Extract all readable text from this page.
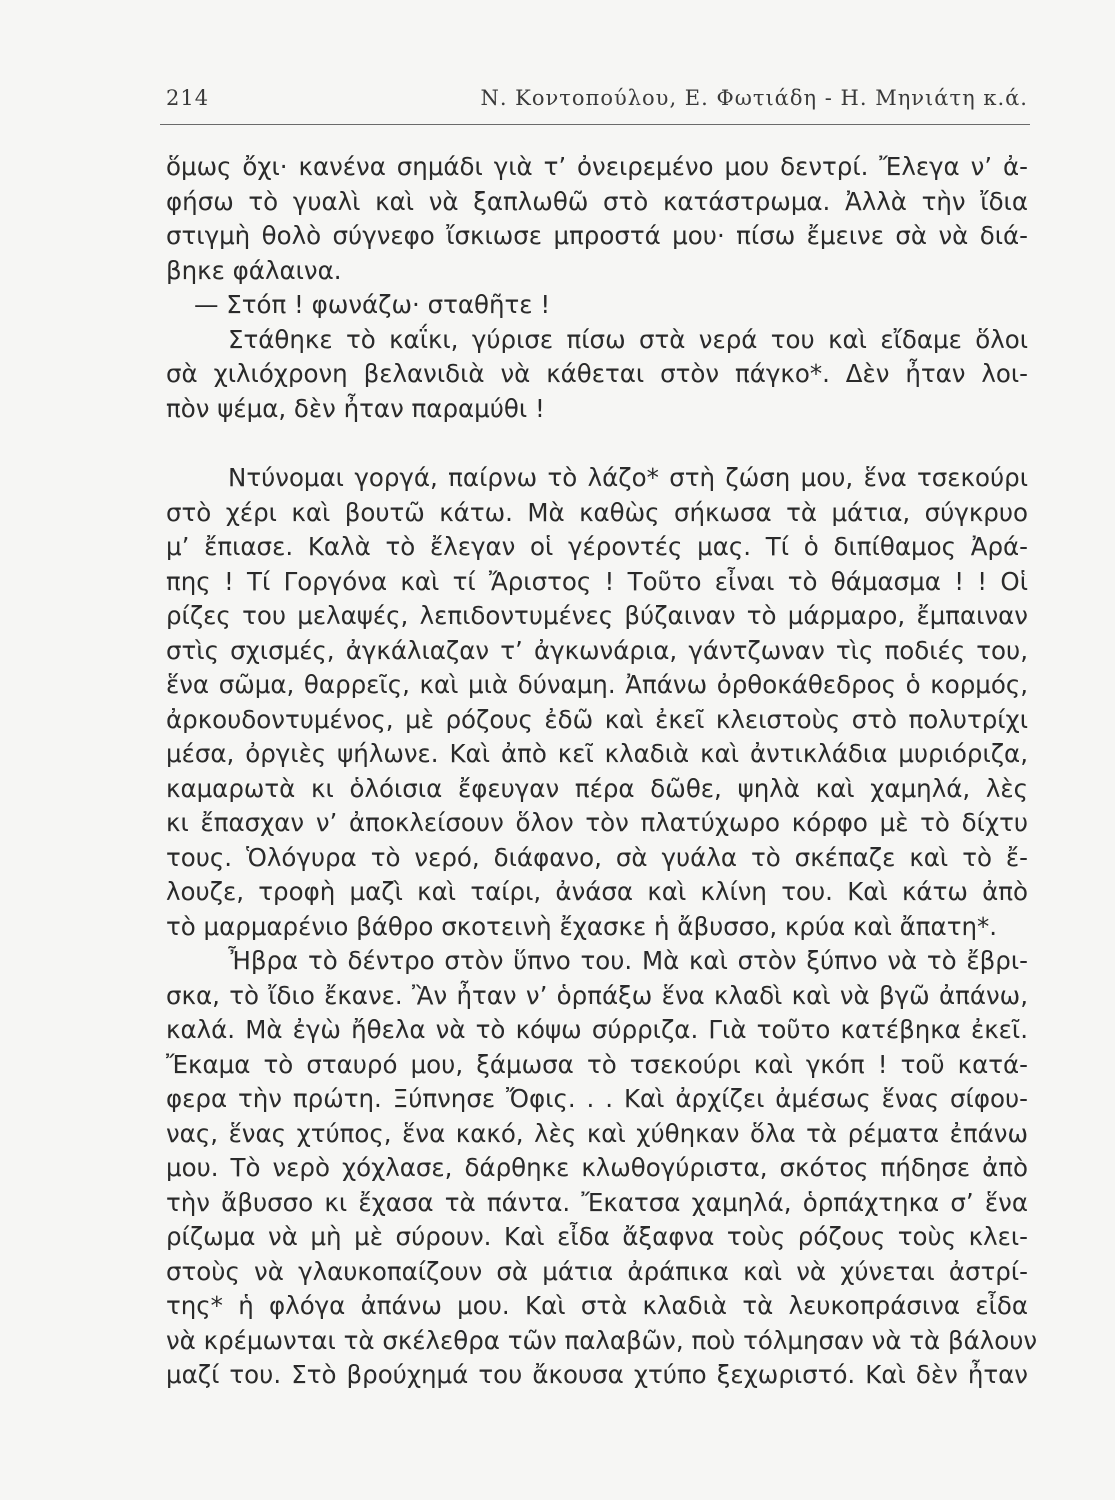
214	Ν. Κοντοπούλου, Ε. Φωτιάδη - Η. Μηνιάτη κ.ά.
ὅμως ὄχι· κανένα σημάδι γιὰ τ’ ὀνειρεμένο μου δεντρί. Ἔλεγα ν’ ἀ-
φήσω τὸ γυαλὶ καὶ νὰ ξαπλωθῶ στὸ κατάστρωμα. Ἀλλὰ τὴν ἴδια
στιγμὴ θολὸ σύγνεφο ἴσκιωσε μπροστά μου· πίσω ἔμεινε σὰ νὰ διά-
βηκε φάλαινα.
— Στόπ ! φωνάζω· σταθῆτε !
Στάθηκε τὸ καΐκι, γύρισε πίσω στὰ νερά του καὶ εἴδαμε ὅλοι
σὰ χιλιόχρονη βελανιδιὰ νὰ κάθεται στὸν πάγκο*. Δὲν ἦταν λοι-
πὸν ψέμα, δὲν ἦταν παραμύθι !
Ντύνομαι γοργά, παίρνω τὸ λάζο* στὴ ζώση μου, ἕνα τσεκούρι
στὸ χέρι καὶ βουτῶ κάτω. Μὰ καθὼς σήκωσα τὰ μάτια, σύγκρυο
μ’ ἔπιασε. Καλὰ τὸ ἔλεγαν οἱ γέροντές μας. Τί ὁ διπίθαμος Ἀρά-
πης ! Τί Γοργόνα καὶ τί Ἄριστος ! Τοῦτο εἶναι τὸ θάμασμα ! ! Οἱ
ρίζες του μελαψές, λεπιδοντυμένες βύζαιναν τὸ μάρμαρο, ἔμπαιναν
στὶς σχισμές, ἀγκάλιαζαν τ’ ἀγκωνάρια, γάντζωναν τὶς ποδιές του,
ἕνα σῶμα, θαρρεῖς, καὶ μιὰ δύναμη. Ἀπάνω ὀρθοκάθεδρος ὁ κορμός,
ἀρκουδοντυμένος, μὲ ρόζους ἐδῶ καὶ ἐκεῖ κλειστοὺς στὸ πολυτρίχι
μέσα, ὀργιὲς ψήλωνε. Καὶ ἀπὸ κεῖ κλαδιὰ καὶ ἀντικλάδια μυριόριζα,
καμαρωτὰ κι ὁλόισια ἔφευγαν πέρα δῶθε, ψηλὰ καὶ χαμηλά, λὲς
κι ἔπασχαν ν’ ἀποκλείσουν ὅλον τὸν πλατύχωρο κόρφο μὲ τὸ δίχτυ
τους. Ὁλόγυρα τὸ νερό, διάφανο, σὰ γυάλα τὸ σκέπαζε καὶ τὸ ἔ-
λουζε, τροφὴ μαζὶ καὶ ταίρι, ἀνάσα καὶ κλίνη του. Καὶ κάτω ἀπὸ
τὸ μαρμαρένιο βάθρο σκοτεινὴ ἔχασκε ἡ ἄβυσσο, κρύα καὶ ἄπατη*.
Ἦβρα τὸ δέντρο στὸν ὕπνο του. Μὰ καὶ στὸν ξύπνο νὰ τὸ ἔβρι-
σκα, τὸ ἴδιο ἔκανε. Ἂν ἦταν ν’ ὁρπάξω ἕνα κλαδὶ καὶ νὰ βγῶ ἀπάνω,
καλά. Μὰ ἐγὼ ἤθελα νὰ τὸ κόψω σύρριζα. Γιὰ τοῦτο κατέβηκα ἐκεῖ.
Ἔκαμα τὸ σταυρό μου, ξάμωσα τὸ τσεκούρι καὶ γκόπ ! τοῦ κατά-
φερα τὴν πρώτη. Ξύπνησε Ὄφις. . . Καὶ ἀρχίζει ἀμέσως ἕνας σίφου-
νας, ἕνας χτύπος, ἕνα κακό, λὲς καὶ χύθηκαν ὅλα τὰ ρέματα ἐπάνω
μου. Τὸ νερὸ χόχλασε, δάρθηκε κλωθογύριστα, σκότος πήδησε ἀπὸ
τὴν ἄβυσσο κι ἔχασα τὰ πάντα. Ἔκατσα χαμηλά, ὁρπάχτηκα σ’ ἕνα
ρίζωμα νὰ μὴ μὲ σύρουν. Καὶ εἶδα ἄξαφνα τοὺς ρόζους τοὺς κλει-
στοὺς νὰ γλαυκοπαίζουν σὰ μάτια ἀράπικα καὶ νὰ χύνεται ἀστρί-
της* ἡ φλόγα ἀπάνω μου. Καὶ στὰ κλαδιὰ τὰ λευκοπράσινα εἶδα
νὰ κρέμωνται τὰ σκέλεθρα τῶν παλαβῶν, ποὺ τόλμησαν νὰ τὰ βάλουν
μαζί του. Στὸ βρούχημά του ἄκουσα χτύπο ξεχωριστό. Καὶ δὲν ἦταν
